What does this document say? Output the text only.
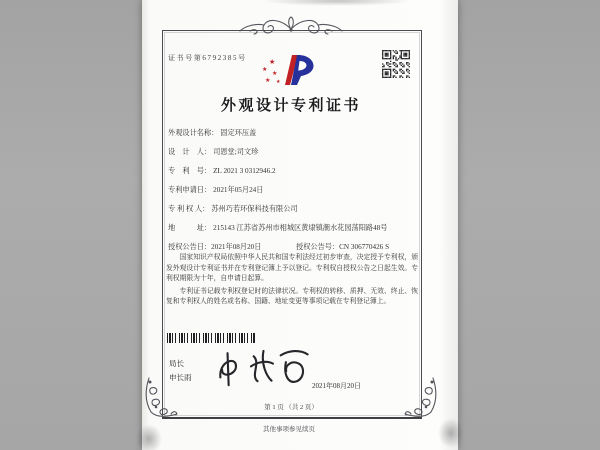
证书号第6792385号	★
★
★
★ ★
外观设计专利证书
外观设计名称： 固定环压盖
设　计　人： 司恩堂;司文珍
专　利　号： ZL 2021 3 0312946.2
专利申请日： 2021年05月24日
专 利 权 人： 苏州巧若环保科技有限公司
地　　　址： 215143 江苏省苏州市相城区黄埭镇潮水花园荡阳路48号
授权公告日：2021年08月20日	授权公告号：CN 306770426 S

国家知识产权局依照中华人民共和国专利法经过初步审查，决定授予专利权，颁发外观设计专利证书并在专利登记簿上予以登记。专利权自授权公告之日起生效。专利权期限为十年，自申请日起算。

专利证书记载专利权登记时的法律状况。专利权的转移、质押、无效、终止、恢复和专利权人的姓名或名称、国籍、地址变更等事项记载在专利登记簿上。

局长
申长雨
2021年08月20日
第 1 页 （共 2 页）
其他事项参见续页
